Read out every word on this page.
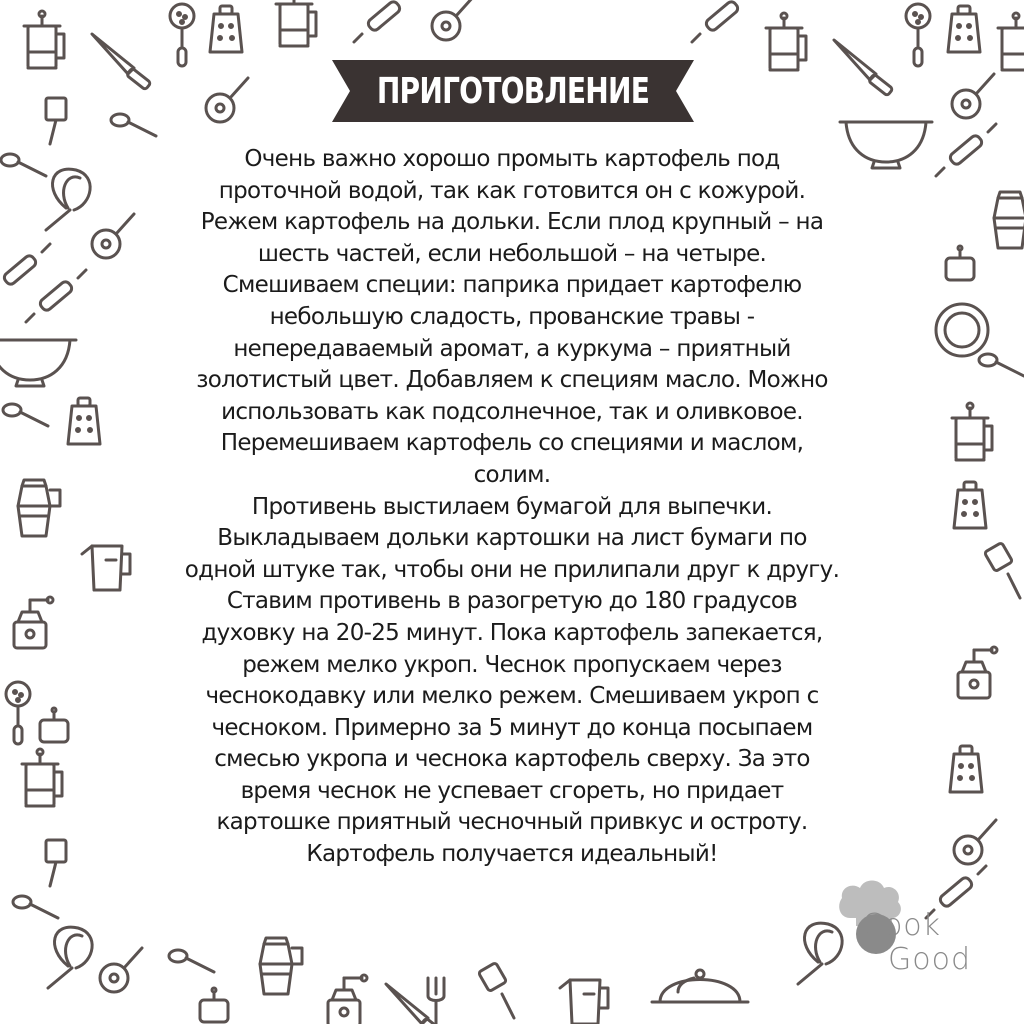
ПРИГОТОВЛЕНИЕ
Очень важно хорошо промыть картофель под
проточной водой, так как готовится он с кожурой.
Режем картофель на дольки. Если плод крупный – на
шесть частей, если небольшой – на четыре.
Смешиваем специи: паприка придает картофелю
небольшую сладость, прованские травы -
непередаваемый аромат, а куркума – приятный
золотистый цвет. Добавляем к специям масло. Можно
использовать как подсолнечное, так и оливковое.
Перемешиваем картофель со специями и маслом,
солим.
Противень выстилаем бумагой для выпечки.
Выкладываем дольки картошки на лист бумаги по
одной штуке так, чтобы они не прилипали друг к другу.
Ставим противень в разогретую до 180 градусов
духовку на 20-25 минут. Пока картофель запекается,
режем мелко укроп. Чеснок пропускаем через
чеснокодавку или мелко режем. Смешиваем укроп с
чесноком. Примерно за 5 минут до конца посыпаем
смесью укропа и чеснока картофель сверху. За это
время чеснок не успевает сгореть, но придает
картошке приятный чесночный привкус и остроту.
Картофель получается идеальный!
Cook
Good
